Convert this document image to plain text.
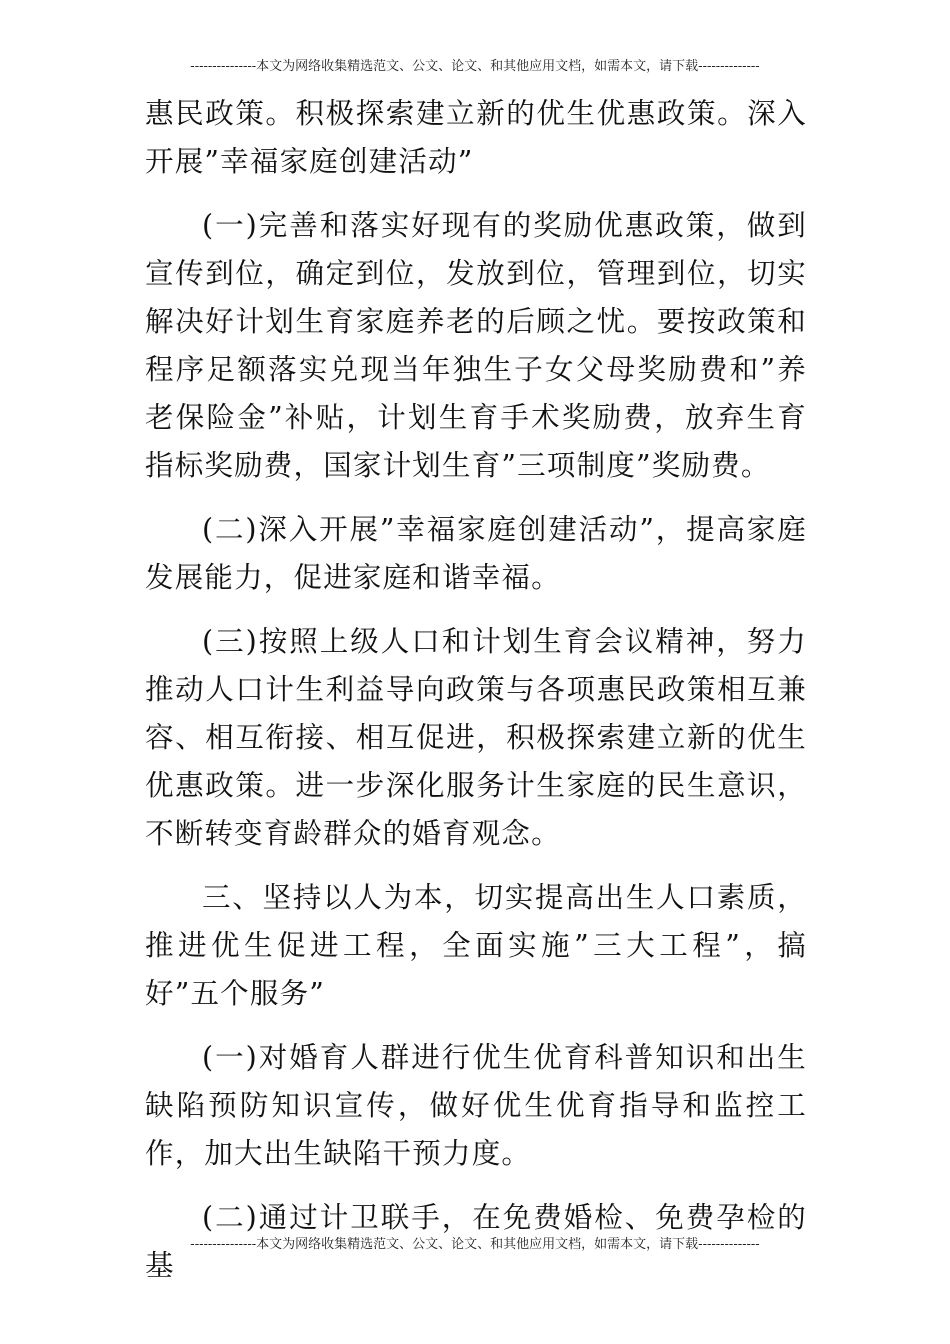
---------------本文为网络收集精选范文、公文、论文、和其他应用文档，如需本文，请下载--------------

惠民政策。积极探索建立新的优生优惠政策。深入开展”幸福家庭创建活动”

(一)完善和落实好现有的奖励优惠政策，做到宣传到位，确定到位，发放到位，管理到位，切实解决好计划生育家庭养老的后顾之忧。要按政策和程序足额落实兑现当年独生子女父母奖励费和”养老保险金”补贴，计划生育手术奖励费，放弃生育指标奖励费，国家计划生育”三项制度”奖励费。

(二)深入开展”幸福家庭创建活动”，提高家庭发展能力，促进家庭和谐幸福。

(三)按照上级人口和计划生育会议精神，努力推动人口计生利益导向政策与各项惠民政策相互兼容、相互衔接、相互促进，积极探索建立新的优生优惠政策。进一步深化服务计生家庭的民生意识，不断转变育龄群众的婚育观念。

三、坚持以人为本，切实提高出生人口素质，推进优生促进工程，全面实施”三大工程”，搞好”五个服务”

(一)对婚育人群进行优生优育科普知识和出生缺陷预防知识宣传，做好优生优育指导和监控工作，加大出生缺陷干预力度。

(二)通过计卫联手，在免费婚检、免费孕检的基

---------------本文为网络收集精选范文、公文、论文、和其他应用文档，如需本文，请下载--------------
